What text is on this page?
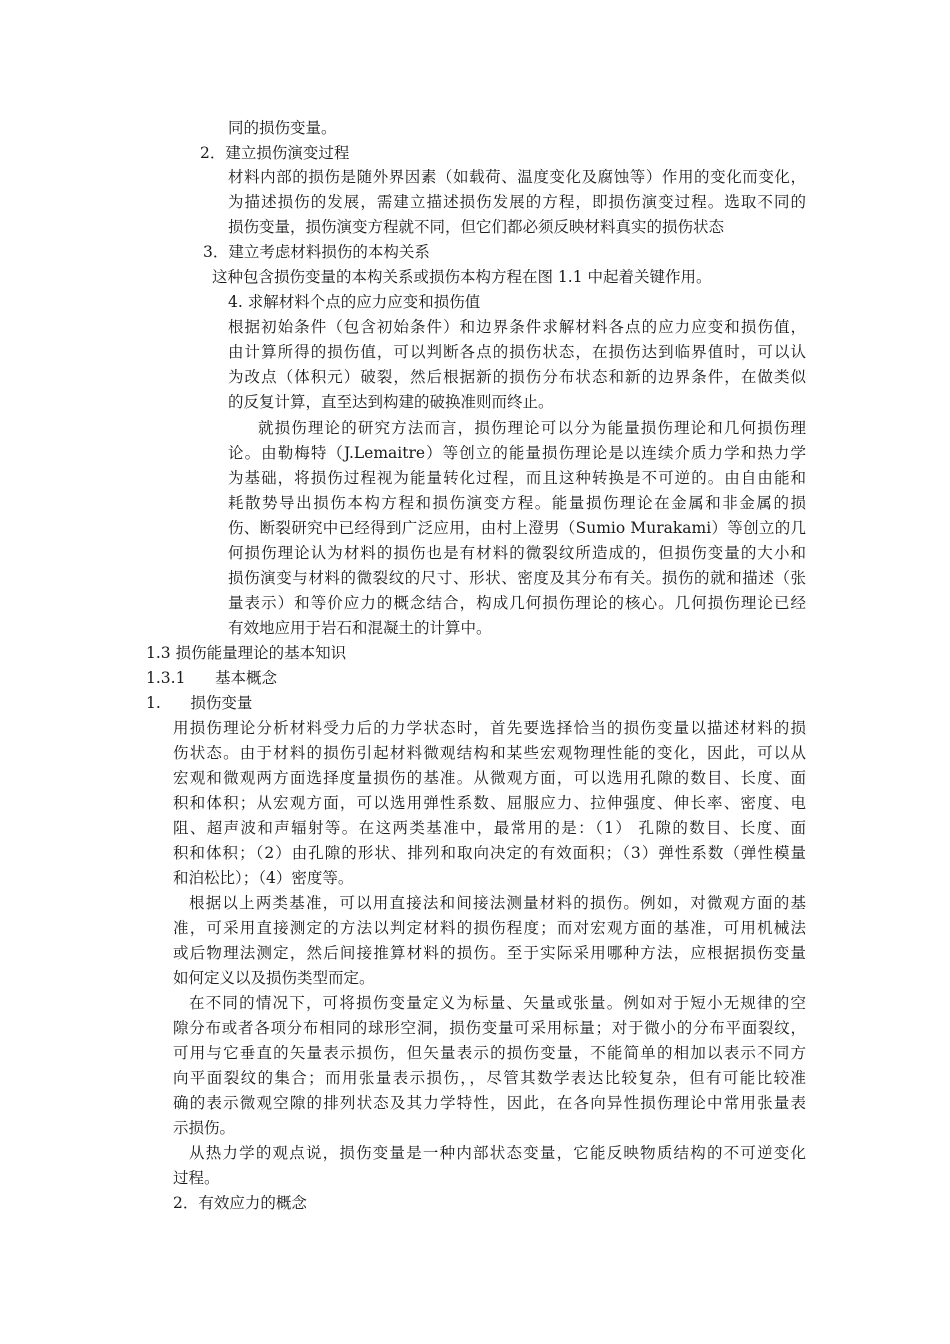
同的损伤变量。
2．建立损伤演变过程
材料内部的损伤是随外界因素（如载荷、温度变化及腐蚀等）作用的变化而变化，
为描述损伤的发展，需建立描述损伤发展的方程，即损伤演变过程。选取不同的
损伤变量，损伤演变方程就不同，但它们都必须反映材料真实的损伤状态
3．建立考虑材料损伤的本构关系
这种包含损伤变量的本构关系或损伤本构方程在图 1.1 中起着关键作用。
4. 求解材料个点的应力应变和损伤值
根据初始条件（包含初始条件）和边界条件求解材料各点的应力应变和损伤值，
由计算所得的损伤值，可以判断各点的损伤状态，在损伤达到临界值时，可以认
为改点（体积元）破裂，然后根据新的损伤分布状态和新的边界条件，在做类似
的反复计算，直至达到构建的破换准则而终止。
就损伤理论的研究方法而言，损伤理论可以分为能量损伤理论和几何损伤理
论。由勒梅特（J.Lemaitre）等创立的能量损伤理论是以连续介质力学和热力学
为基础，将损伤过程视为能量转化过程，而且这种转换是不可逆的。由自由能和
耗散势导出损伤本构方程和损伤演变方程。能量损伤理论在金属和非金属的损
伤、断裂研究中已经得到广泛应用，由村上澄男（Sumio Murakami）等创立的几
何损伤理论认为材料的损伤也是有材料的微裂纹所造成的，但损伤变量的大小和
损伤演变与材料的微裂纹的尺寸、形状、密度及其分布有关。损伤的就和描述（张
量表示）和等价应力的概念结合，构成几何损伤理论的核心。几何损伤理论已经
有效地应用于岩石和混凝土的计算中。
1.3 损伤能量理论的基本知识
1.3.1      基本概念
1.      损伤变量
用损伤理论分析材料受力后的力学状态时，首先要选择恰当的损伤变量以描述材料的损
伤状态。由于材料的损伤引起材料微观结构和某些宏观物理性能的变化，因此，可以从
宏观和微观两方面选择度量损伤的基准。从微观方面，可以选用孔隙的数目、长度、面
积和体积；从宏观方面，可以选用弹性系数、屈服应力、拉伸强度、伸长率、密度、电
阻、超声波和声辐射等。在这两类基准中，最常用的是：（1） 孔隙的数目、长度、面
积和体积；（2）由孔隙的形状、排列和取向决定的有效面积；（3）弹性系数（弹性模量
和泊松比）；（4）密度等。
根据以上两类基准，可以用直接法和间接法测量材料的损伤。例如，对微观方面的基
准，可采用直接测定的方法以判定材料的损伤程度；而对宏观方面的基准，可用机械法
或后物理法测定，然后间接推算材料的损伤。至于实际采用哪种方法，应根据损伤变量
如何定义以及损伤类型而定。
在不同的情况下，可将损伤变量定义为标量、矢量或张量。例如对于短小无规律的空
隙分布或者各项分布相同的球形空洞，损伤变量可采用标量；对于微小的分布平面裂纹，
可用与它垂直的矢量表示损伤，但矢量表示的损伤变量，不能简单的相加以表示不同方
向平面裂纹的集合；而用张量表示损伤，，尽管其数学表达比较复杂，但有可能比较准
确的表示微观空隙的排列状态及其力学特性，因此，在各向异性损伤理论中常用张量表
示损伤。
从热力学的观点说，损伤变量是一种内部状态变量，它能反映物质结构的不可逆变化
过程。
2．有效应力的概念
